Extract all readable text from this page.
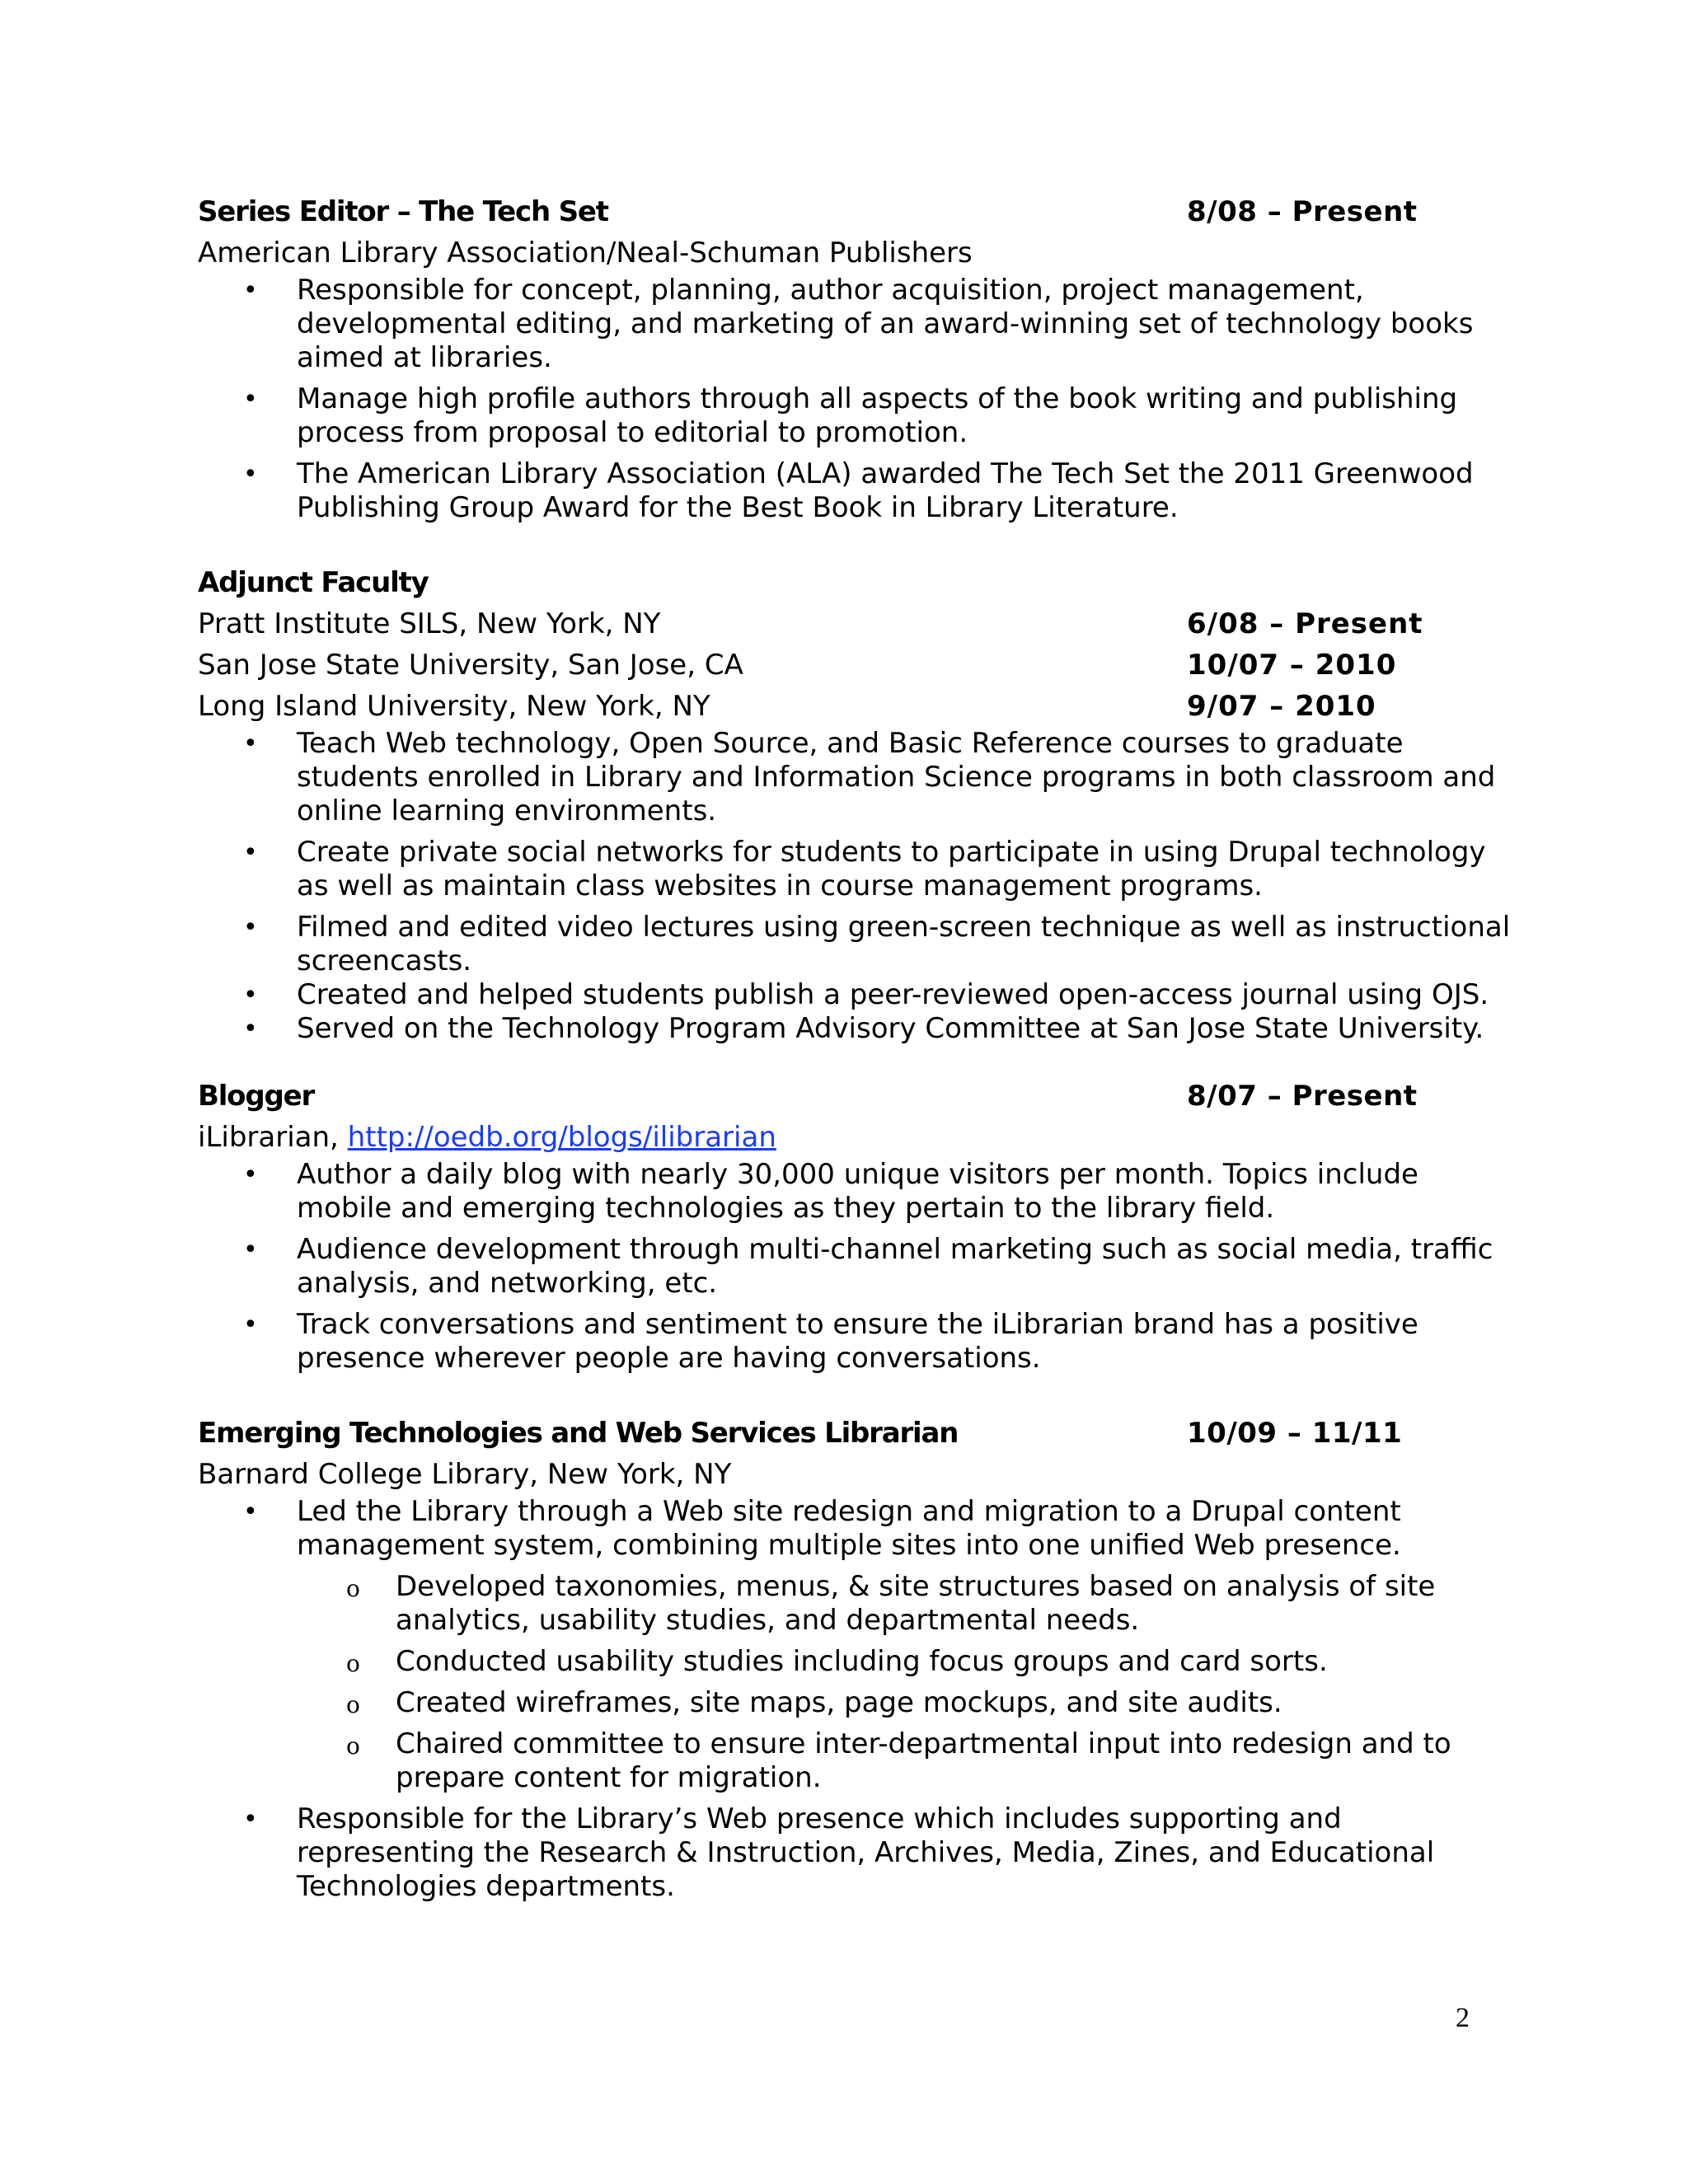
Series Editor – The Tech Set	8/08 – Present
American Library Association/Neal-Schuman Publishers
• Responsible for concept, planning, author acquisition, project management, developmental editing, and marketing of an award-winning set of technology books aimed at libraries.
• Manage high profile authors through all aspects of the book writing and publishing process from proposal to editorial to promotion.
• The American Library Association (ALA) awarded The Tech Set the 2011 Greenwood Publishing Group Award for the Best Book in Library Literature.
Adjunct Faculty
Pratt Institute SILS, New York, NY	6/08 – Present
San Jose State University, San Jose, CA	10/07 – 2010
Long Island University, New York, NY	9/07 – 2010
• Teach Web technology, Open Source, and Basic Reference courses to graduate students enrolled in Library and Information Science programs in both classroom and online learning environments.
• Create private social networks for students to participate in using Drupal technology as well as maintain class websites in course management programs.
• Filmed and edited video lectures using green-screen technique as well as instructional screencasts.
• Created and helped students publish a peer-reviewed open-access journal using OJS.
• Served on the Technology Program Advisory Committee at San Jose State University.
Blogger	8/07 – Present
iLibrarian, http://oedb.org/blogs/ilibrarian
• Author a daily blog with nearly 30,000 unique visitors per month. Topics include mobile and emerging technologies as they pertain to the library field.
• Audience development through multi-channel marketing such as social media, traffic analysis, and networking, etc.
• Track conversations and sentiment to ensure the iLibrarian brand has a positive presence wherever people are having conversations.
Emerging Technologies and Web Services Librarian	10/09 – 11/11
Barnard College Library, New York, NY
• Led the Library through a Web site redesign and migration to a Drupal content management system, combining multiple sites into one unified Web presence.
o Developed taxonomies, menus, & site structures based on analysis of site analytics, usability studies, and departmental needs.
o Conducted usability studies including focus groups and card sorts.
o Created wireframes, site maps, page mockups, and site audits.
o Chaired committee to ensure inter-departmental input into redesign and to prepare content for migration.
• Responsible for the Library’s Web presence which includes supporting and representing the Research & Instruction, Archives, Media, Zines, and Educational Technologies departments.
2
